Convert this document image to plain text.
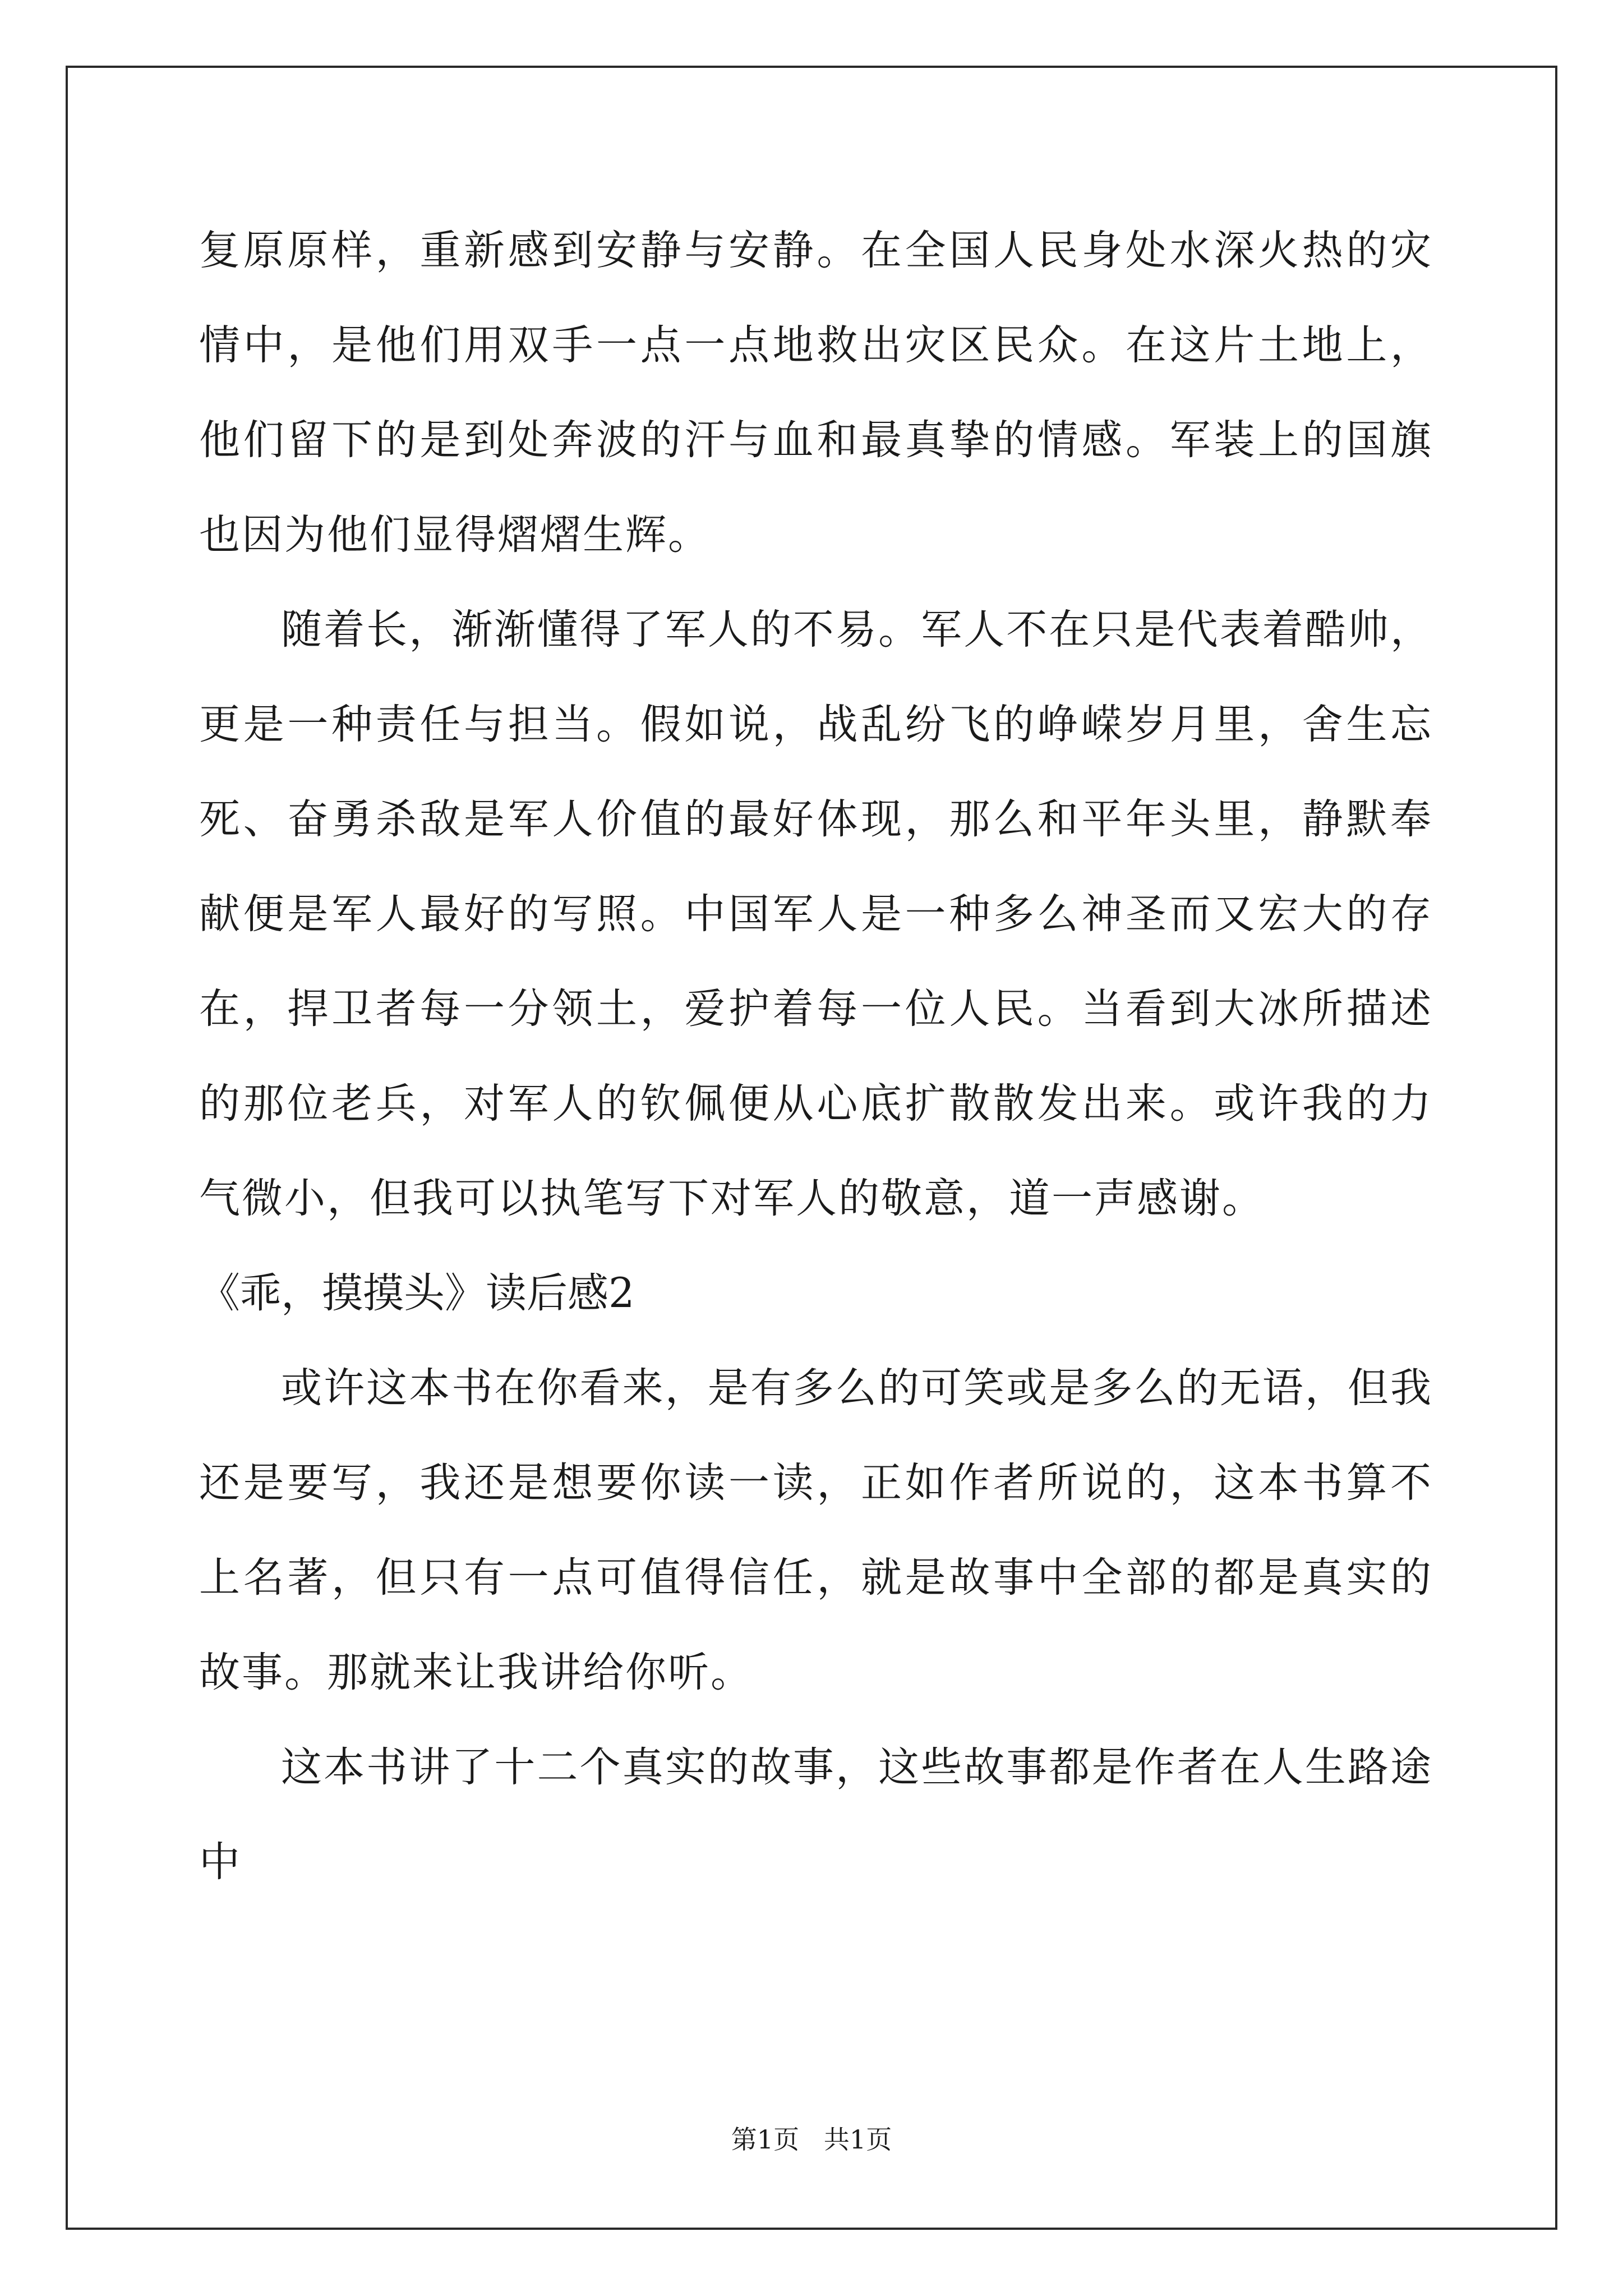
复原原样，重新感到安静与安静。在全国人民身处水深火热的灾情中，是他们用双手一点一点地救出灾区民众。在这片土地上，他们留下的是到处奔波的汗与血和最真挚的情感。军装上的国旗也因为他们显得熠熠生辉。

随着长，渐渐懂得了军人的不易。军人不在只是代表着酷帅，更是一种责任与担当。假如说，战乱纷飞的峥嵘岁月里，舍生忘死、奋勇杀敌是军人价值的最好体现，那么和平年头里，静默奉献便是军人最好的写照。中国军人是一种多么神圣而又宏大的存在，捍卫者每一分领土，爱护着每一位人民。当看到大冰所描述的那位老兵，对军人的钦佩便从心底扩散散发出来。或许我的力气微小，但我可以执笔写下对军人的敬意，道一声感谢。

《乖，摸摸头》读后感2

或许这本书在你看来，是有多么的可笑或是多么的无语，但我还是要写，我还是想要你读一读，正如作者所说的，这本书算不上名著，但只有一点可值得信任，就是故事中全部的都是真实的故事。那就来让我讲给你听。

这本书讲了十二个真实的故事，这些故事都是作者在人生路途中

第1页   共1页
